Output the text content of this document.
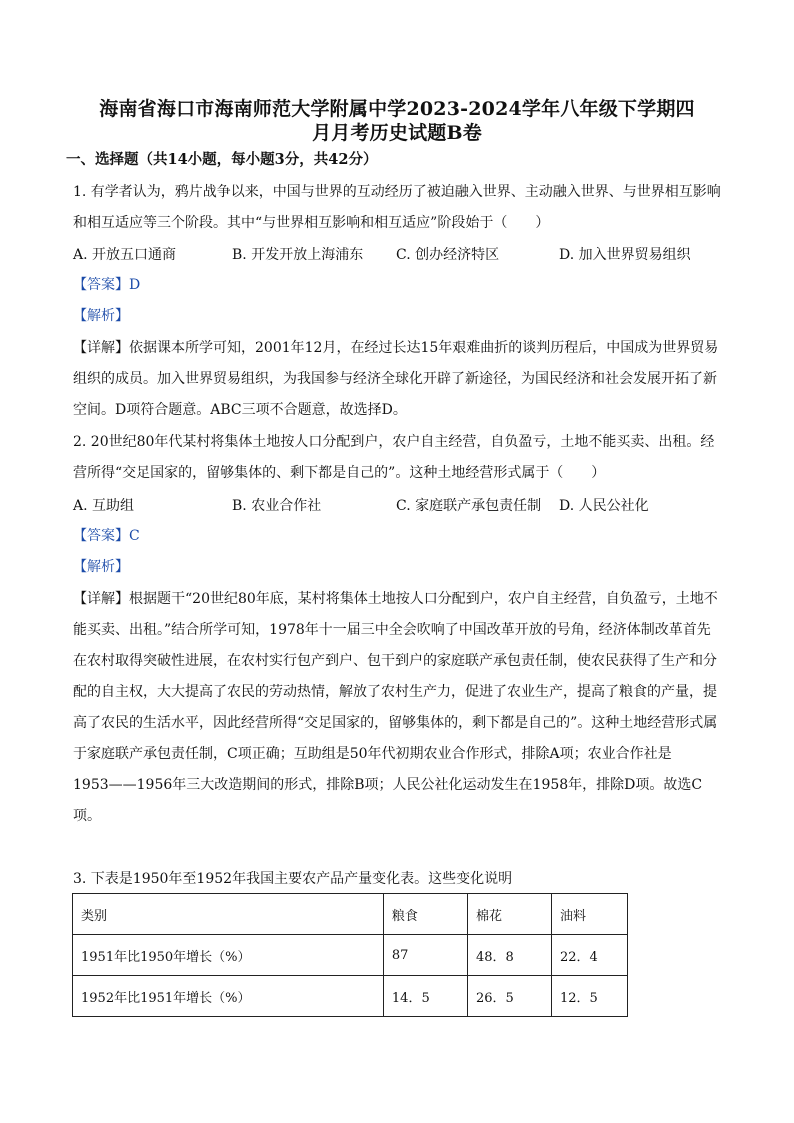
海南省海口市海南师范大学附属中学2023-2024学年八年级下学期四
月月考历史试题B卷
一、选择题（共14小题，每小题3分，共42分）
1. 有学者认为，鸦片战争以来，中国与世界的互动经历了被迫融入世界、主动融入世界、与世界相互影响
和相互适应等三个阶段。其中“与世界相互影响和相互适应”阶段始于（　　）
A. 开放五口通商	B. 开发开放上海浦东 C. 创办经济特区	D. 加入世界贸易组织
【答案】D
【解析】
【详解】依据课本所学可知，2001年12月，在经过长达15年艰难曲折的谈判历程后，中国成为世界贸易
组织的成员。加入世界贸易组织，为我国参与经济全球化开辟了新途径，为国民经济和社会发展开拓了新
空间。D项符合题意。ABC三项不合题意，故选择D。
2. 20世纪80年代某村将集体土地按人口分配到户，农户自主经营，自负盈亏，土地不能买卖、出租。经
营所得“交足国家的，留够集体的、剩下都是自己的”。这种土地经营形式属于（　　）
A. 互助组	B. 农业合作社	C. 家庭联产承包责任制 D. 人民公社化
【答案】C
【解析】
【详解】根据题干“20世纪80年底，某村将集体土地按人口分配到户，农户自主经营，自负盈亏，土地不
能买卖、出租。”结合所学可知，1978年十一届三中全会吹响了中国改革开放的号角，经济体制改革首先
在农村取得突破性进展，在农村实行包产到户、包干到户的家庭联产承包责任制，使农民获得了生产和分
配的自主权，大大提高了农民的劳动热情，解放了农村生产力，促进了农业生产，提高了粮食的产量，提
高了农民的生活水平，因此经营所得“交足国家的，留够集体的，剩下都是自己的”。这种土地经营形式属
于家庭联产承包责任制，C项正确；互助组是50年代初期农业合作形式，排除A项；农业合作社是
1953——1956年三大改造期间的形式，排除B项；人民公社化运动发生在1958年，排除D项。故选C
项。
3. 下表是1950年至1952年我国主要农产品产量变化表。这些变化说明
类别	粮食	棉花	油料
1951年比1950年增长（%）	87	48．8	22．4
1952年比1951年增长（%）	14．5	26．5	12．5
